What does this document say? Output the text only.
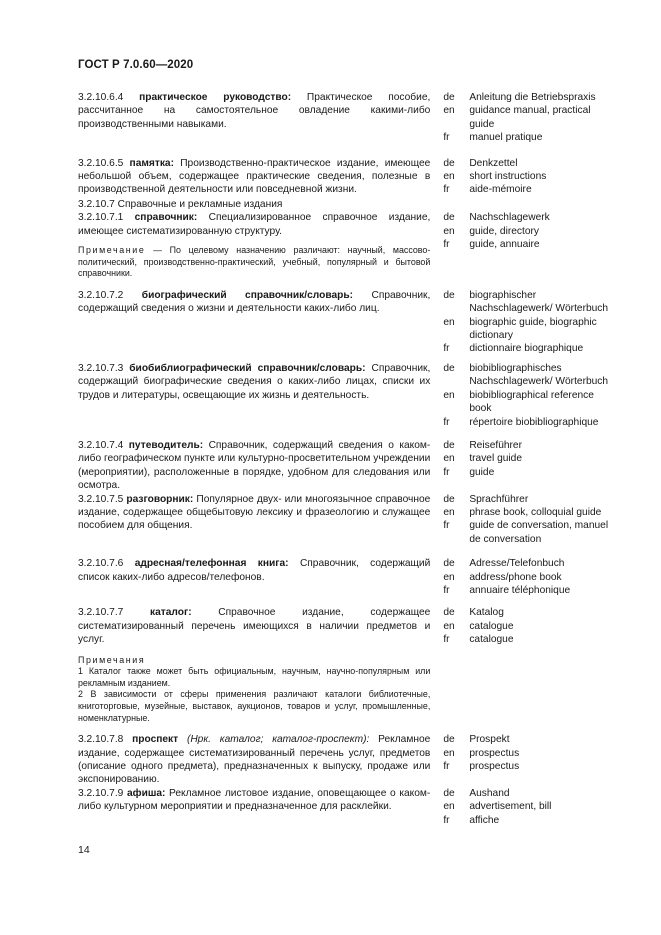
ГОСТ Р 7.0.60—2020
3.2.10.6.4 практическое руководство: Практическое пособие, рассчитанное на самостоятельное овладение какими-либо производственными навыками.
de	Anleitung die Betriebspraxis
en	guidance manual, practical guide
fr	manuel pratique
3.2.10.6.5 памятка: Производственно-практическое издание, имеющее небольшой объем, содержащее практические сведения, полезные в производственной деятельности или повседневной жизни.
de	Denkzettel
en	short instructions
fr	aide-mémoire
3.2.10.7 Справочные и рекламные издания
3.2.10.7.1 справочник: Специализированное справочное издание, имеющее систематизированную структуру.
Примечание — По целевому назначению различают: научный, массово-политический, производственно-практический, учебный, популярный и бытовой справочники.
de	Nachschlagewerk
en	guide, directory
fr	guide, annuaire
3.2.10.7.2 биографический справочник/словарь: Справочник, содержащий сведения о жизни и деятельности каких-либо лиц.
de	biographischer Nachschlagewerk/ Wörterbuch
en	biographic guide, biographic dictionary
fr	dictionnaire biographique
3.2.10.7.3 биобиблиографический справочник/словарь: Справочник, содержащий биографические сведения о каких-либо лицах, списки их трудов и литературы, освещающие их жизнь и деятельность.
de	biobibliographisches Nachschlagewerk/ Wörterbuch
en	biobibliographical reference book
fr	répertoire biobibliographique
3.2.10.7.4 путеводитель: Справочник, содержащий сведения о каком-либо географическом пункте или культурно-просветительном учреждении (мероприятии), расположенные в порядке, удобном для следования или осмотра.
de	Reiseführer
en	travel guide
fr	guide
3.2.10.7.5 разговорник: Популярное двух- или многоязычное справочное издание, содержащее общебытовую лексику и фразеологию и служащее пособием для общения.
de	Sprachführer
en	phrase book, colloquial guide
fr	guide de conversation, manuel de conversation
3.2.10.7.6 адресная/телефонная книга: Справочник, содержащий список каких-либо адресов/телефонов.
de	Adresse/Telefonbuch
en	address/phone book
fr	annuaire téléphonique
3.2.10.7.7	каталог:	Справочное издание, содержащее систематизированный перечень имеющихся в наличии предметов и услуг.
Примечания
1 Каталог также может быть официальным, научным, научно-популярным или рекламным изданием.
2 В зависимости от сферы применения различают каталоги библиотечные, книготорговые, музейные, выставок, аукционов, товаров и услуг, промышленные, номенклатурные.
de	Katalog
en	catalogue
fr	catalogue
3.2.10.7.8 проспект (Нрк. каталог; каталог-проспект): Рекламное издание, содержащее систематизированный перечень услуг, предметов (описание одного предмета), предназначенных к выпуску, продаже или экспонированию.
de	Prospekt
en	prospectus
fr	prospectus
3.2.10.7.9 афиша: Рекламное листовое издание, оповещающее о каком-либо культурном мероприятии и предназначенное для расклейки.
de	Aushand
en	advertisement, bill
fr	affiche
14
